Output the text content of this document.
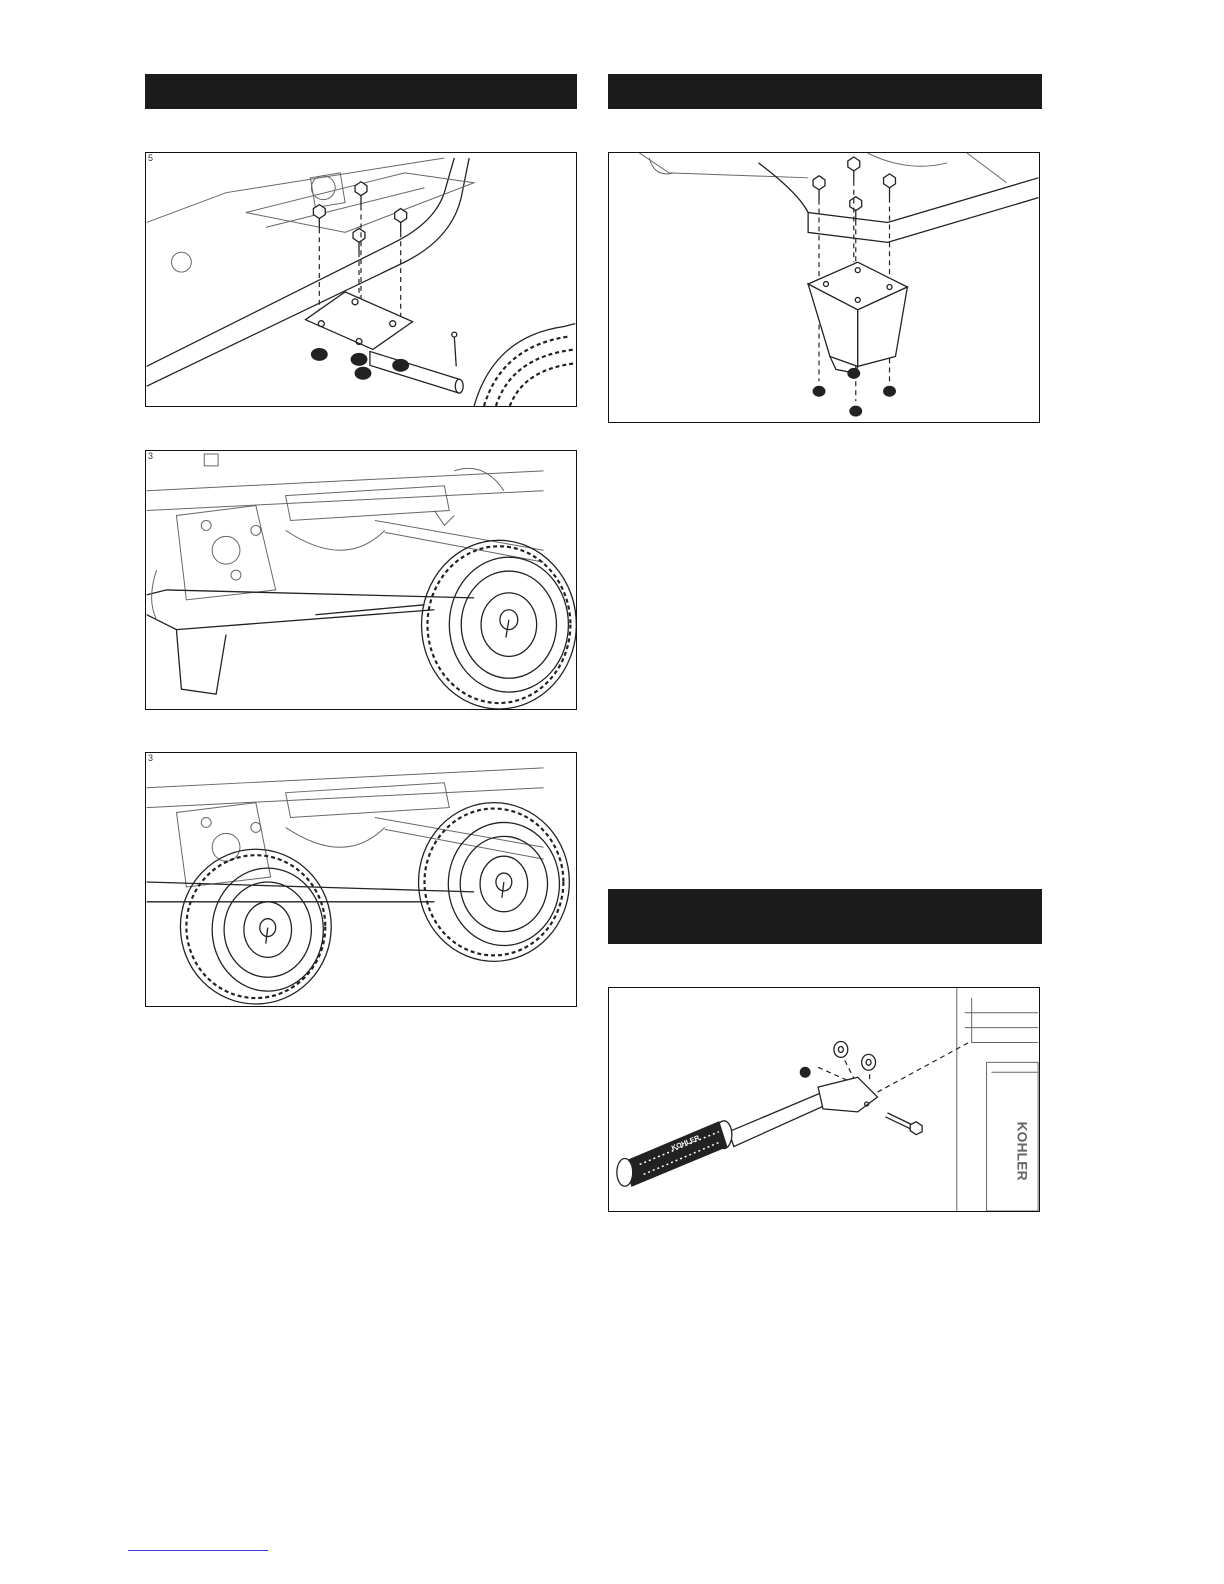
5
3
3
KOHLER	KOHLER
